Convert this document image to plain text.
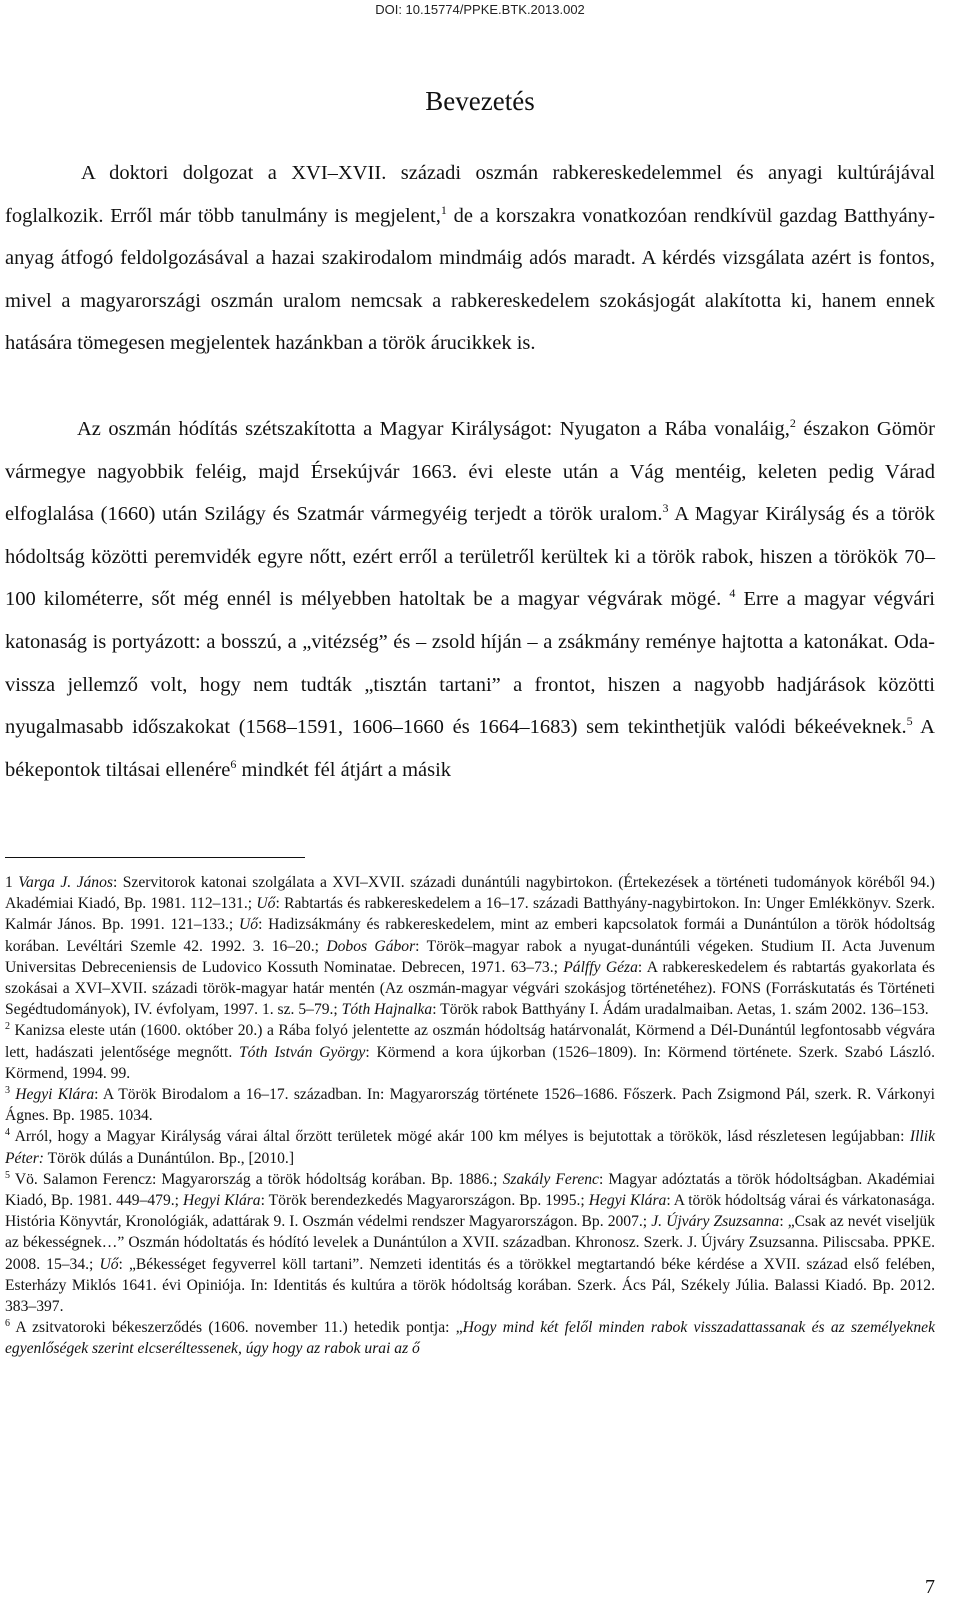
DOI: 10.15774/PPKE.BTK.2013.002
Bevezetés

A doktori dolgozat a XVI–XVII. századi oszmán rabkereskedelemmel és anyagi kultúrájával foglalkozik. Erről már több tanulmány is megjelent,$^1$ de a korszakra vonatkozóan rendkívül gazdag Batthyány-anyag átfogó feldolgozásával a hazai szakirodalom mindmáig adós maradt. A kérdés vizsgálata azért is fontos, mivel a magyarországi oszmán uralom nemcsak a rabkereskedelem szokásjogát alakította ki, hanem ennek hatására tömegesen megjelentek hazánkban a török árucikkek is.

Az oszmán hódítás szétszakította a Magyar Királyságot: Nyugaton a Rába vonaláig,$^2$ északon Gömör vármegye nagyobbik feléig, majd Érsekújvár 1663. évi eleste után a Vág mentéig, keleten pedig Várad elfoglalása (1660) után Szilágy és Szatmár vármegyéig terjedt a török uralom.$^3$ A Magyar Királyság és a török hódoltság közötti peremvidék egyre nőtt, ezért erről a területről kerültek ki a török rabok, hiszen a törökök 70–100 kilométerre, sőt még ennél is mélyebben hatoltak be a magyar végvárak mögé. $^4$ Erre a magyar végvári katonaság is portyázott: a bosszú, a „vitézség” és – zsold híján – a zsákmány reménye hajtotta a katonákat. Oda-vissza jellemző volt, hogy nem tudták „tisztán tartani” a frontot, hiszen a nagyobb hadjárások közötti nyugalmasabb időszakokat (1568–1591, 1606–1660 és 1664–1683) sem tekinthetjük valódi békeéveknek.$^5$ A békepontok tiltásai ellenére$^6$ mindkét fél átjárt a másik

1 Varga J. János: Szervitorok katonai szolgálata a XVI–XVII. századi dunántúli nagybirtokon. (Értekezések a történeti tudományok köréből 94.) Akadémiai Kiadó, Bp. 1981. 112–131.; Uő: Rabtartás és rabkereskedelem a 16–17. századi Batthyány-nagybirtokon. In: Unger Emlékkönyv. Szerk. Kalmár János. Bp. 1991. 121–133.; Uő: Hadizsákmány és rabkereskedelem, mint az emberi kapcsolatok formái a Dunántúlon a török hódoltság korában. Levéltári Szemle 42. 1992. 3. 16–20.; Dobos Gábor: Török–magyar rabok a nyugat-dunántúli végeken. Studium II. Acta Juvenum Universitas Debreceniensis de Ludovico Kossuth Nominatae. Debrecen, 1971. 63–73.; Pálffy Géza: A rabkereskedelem és rabtartás gyakorlata és szokásai a XVI–XVII. századi török-magyar határ mentén (Az oszmán-magyar végvári szokásjog történetéhez). FONS (Forráskutatás és Történeti Segédtudományok), IV. évfolyam, 1997. 1. sz. 5–79.; Tóth Hajnalka: Török rabok Batthyány I. Ádám uradalmaiban. Aetas, 1. szám 2002. 136–153.

$^2$ Kanizsa eleste után (1600. október 20.) a Rába folyó jelentette az oszmán hódoltság határvonalát, Körmend a Dél-Dunántúl legfontosabb végvára lett, hadászati jelentősége megnőtt. Tóth István György: Körmend a kora újkorban (1526–1809). In: Körmend története. Szerk. Szabó László. Körmend, 1994. 99.

$^3$ Hegyi Klára: A Török Birodalom a 16–17. században. In: Magyarország története 1526–1686. Főszerk. Pach Zsigmond Pál, szerk. R. Várkonyi Ágnes. Bp. 1985. 1034.

$^4$ Arról, hogy a Magyar Királyság várai által őrzött területek mögé akár 100 km mélyes is bejutottak a törökök, lásd részletesen legújabban: Illik Péter: Török dúlás a Dunántúlon. Bp., [2010.]

$^5$ Vö. Salamon Ferencz: Magyarország a török hódoltság korában. Bp. 1886.; Szakály Ferenc: Magyar adóztatás a török hódoltságban. Akadémiai Kiadó, Bp. 1981. 449–479.; Hegyi Klára: Török berendezkedés Magyarországon. Bp. 1995.; Hegyi Klára: A török hódoltság várai és várkatonasága. História Könyvtár, Kronológiák, adattárak 9. I. Oszmán védelmi rendszer Magyarországon. Bp. 2007.; J. Újváry Zsuzsanna: „Csak az nevét viseljük az békességnek…” Oszmán hódoltatás és hódító levelek a Dunántúlon a XVII. században. Khronosz. Szerk. J. Újváry Zsuzsanna. Piliscsaba. PPKE. 2008. 15–34.; Uő: „Békességet fegyverrel köll tartani”. Nemzeti identitás és a törökkel megtartandó béke kérdése a XVII. század első felében, Esterházy Miklós 1641. évi Opiniója. In: Identitás és kultúra a török hódoltság korában. Szerk. Ács Pál, Székely Júlia. Balassi Kiadó. Bp. 2012. 383–397.

$^6$ A zsitvatoroki békeszerződés (1606. november 11.) hetedik pontja: „Hogy mind két felől minden rabok visszadattassanak és az személyeknek egyenlőségek szerint elcseréltessenek, úgy hogy az rabok urai az ő

7
